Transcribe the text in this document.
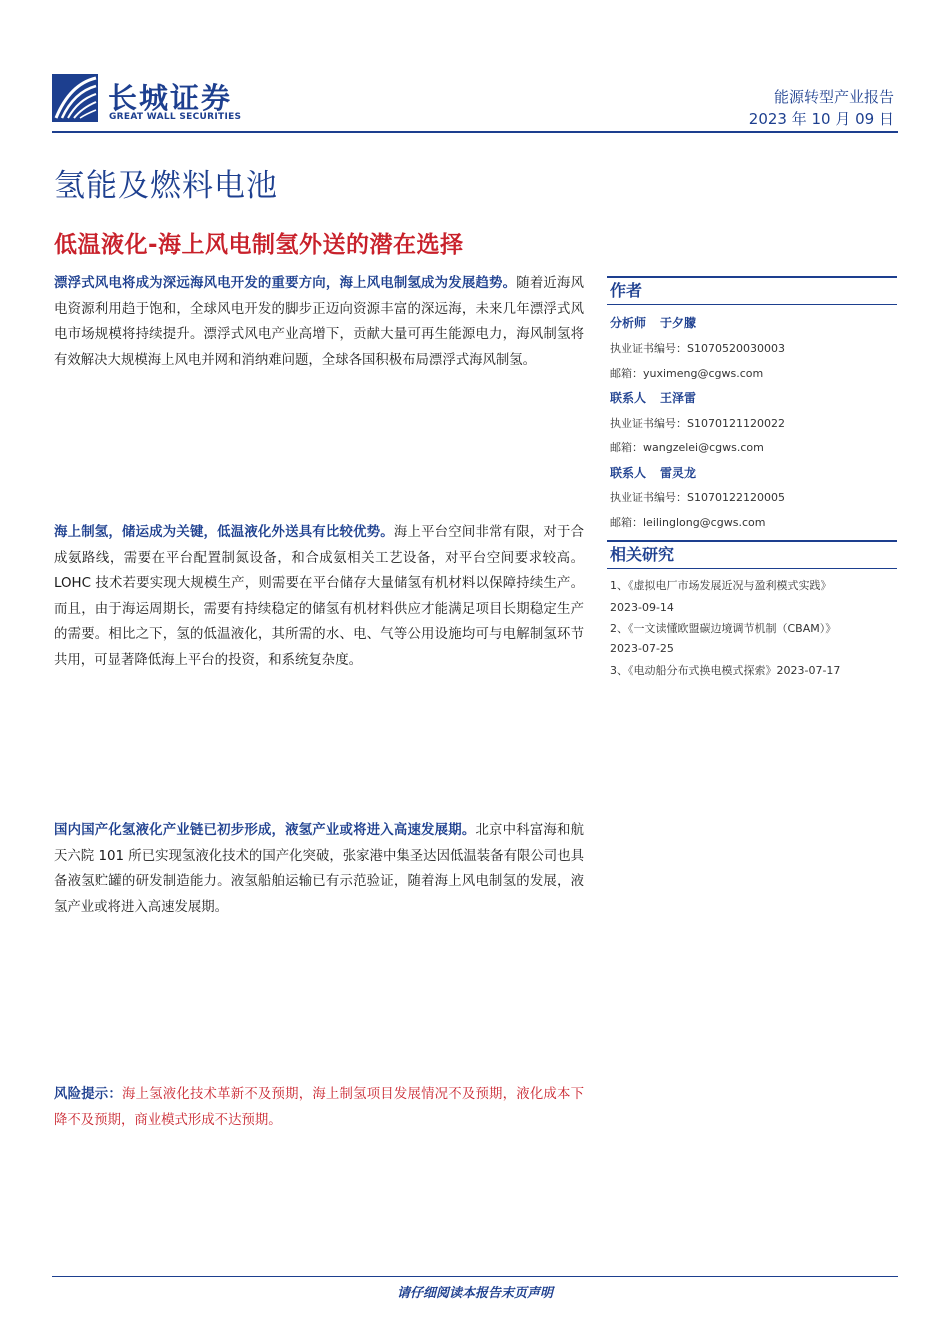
长城证券
GREAT WALL SECURITIES
能源转型产业报告
2023 年 10 月 09 日
氢能及燃料电池
低温液化-海上风电制氢外送的潜在选择
漂浮式风电将成为深远海风电开发的重要方向，海上风电制氢成为发展趋势。随着近海风电资源利用趋于饱和，全球风电开发的脚步正迈向资源丰富的深远海，未来几年漂浮式风电市场规模将持续提升。漂浮式风电产业高增下，贡献大量可再生能源电力，海风制氢将有效解决大规模海上风电并网和消纳难问题，全球各国积极布局漂浮式海风制氢。
海上制氢，储运成为关键，低温液化外送具有比较优势。海上平台空间非常有限，对于合成氨路线，需要在平台配置制氮设备，和合成氨相关工艺设备，对平台空间要求较高。LOHC 技术若要实现大规模生产，则需要在平台储存大量储氢有机材料以保障持续生产。而且，由于海运周期长，需要有持续稳定的储氢有机材料供应才能满足项目长期稳定生产的需要。相比之下，氢的低温液化，其所需的水、电、气等公用设施均可与电解制氢环节共用，可显著降低海上平台的投资，和系统复杂度。
国内国产化氢液化产业链已初步形成，液氢产业或将进入高速发展期。北京中科富海和航天六院 101 所已实现氢液化技术的国产化突破，张家港中集圣达因低温装备有限公司也具备液氢贮罐的研发制造能力。液氢船舶运输已有示范验证，随着海上风电制氢的发展，液氢产业或将进入高速发展期。
风险提示：海上氢液化技术革新不及预期，海上制氢项目发展情况不及预期，液化成本下降不及预期，商业模式形成不达预期。
作者
分析师 于夕朦
执业证书编号：S1070520030003
邮箱：yuximeng@cgws.com
联系人 王泽雷
执业证书编号：S1070121120022
邮箱：wangzelei@cgws.com
联系人 雷灵龙
执业证书编号：S1070122120005
邮箱：leilinglong@cgws.com
相关研究
1、《虚拟电厂市场发展近况与盈利模式实践》
2023-09-14
2、《一文读懂欧盟碳边境调节机制（CBAM）》
2023-07-25
3、《电动船分布式换电模式探索》2023-07-17
请仔细阅读本报告末页声明
